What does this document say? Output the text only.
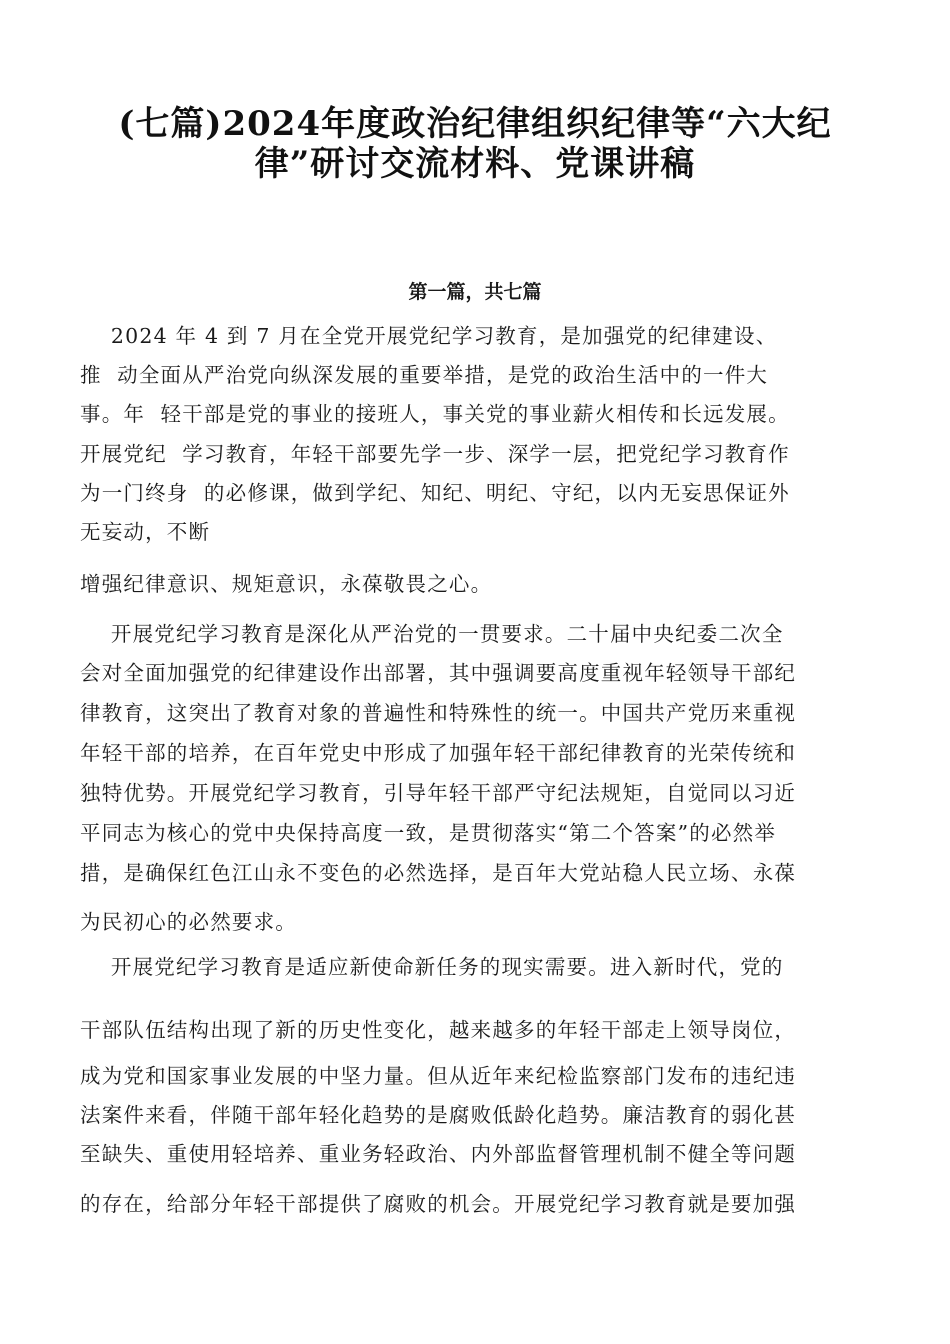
(七篇)2024年度政治纪律组织纪律等“六大纪
律”研讨交流材料、党课讲稿
第一篇，共七篇
2024 年 4 到 7 月在全党开展党纪学习教育，是加强党的纪律建设、
推  动全面从严治党向纵深发展的重要举措，是党的政治生活中的一件大
事。年  轻干部是党的事业的接班人，事关党的事业薪火相传和长远发展。
开展党纪  学习教育，年轻干部要先学一步、深学一层，把党纪学习教育作
为一门终身  的必修课，做到学纪、知纪、明纪、守纪，以内无妄思保证外
无妄动，不断
增强纪律意识、规矩意识，永葆敬畏之心。
开展党纪学习教育是深化从严治党的一贯要求。二十届中央纪委二次全
会对全面加强党的纪律建设作出部署，其中强调要高度重视年轻领导干部纪
律教育，这突出了教育对象的普遍性和特殊性的统一。中国共产党历来重视
年轻干部的培养，在百年党史中形成了加强年轻干部纪律教育的光荣传统和
独特优势。开展党纪学习教育，引导年轻干部严守纪法规矩，自觉同以习近
平同志为核心的党中央保持高度一致，是贯彻落实“第二个答案”的必然举
措，是确保红色江山永不变色的必然选择，是百年大党站稳人民立场、永葆
为民初心的必然要求。
开展党纪学习教育是适应新使命新任务的现实需要。进入新时代，党的
干部队伍结构出现了新的历史性变化，越来越多的年轻干部走上领导岗位，
成为党和国家事业发展的中坚力量。但从近年来纪检监察部门发布的违纪违
法案件来看，伴随干部年轻化趋势的是腐败低龄化趋势。廉洁教育的弱化甚
至缺失、重使用轻培养、重业务轻政治、内外部监督管理机制不健全等问题
的存在，给部分年轻干部提供了腐败的机会。开展党纪学习教育就是要加强
